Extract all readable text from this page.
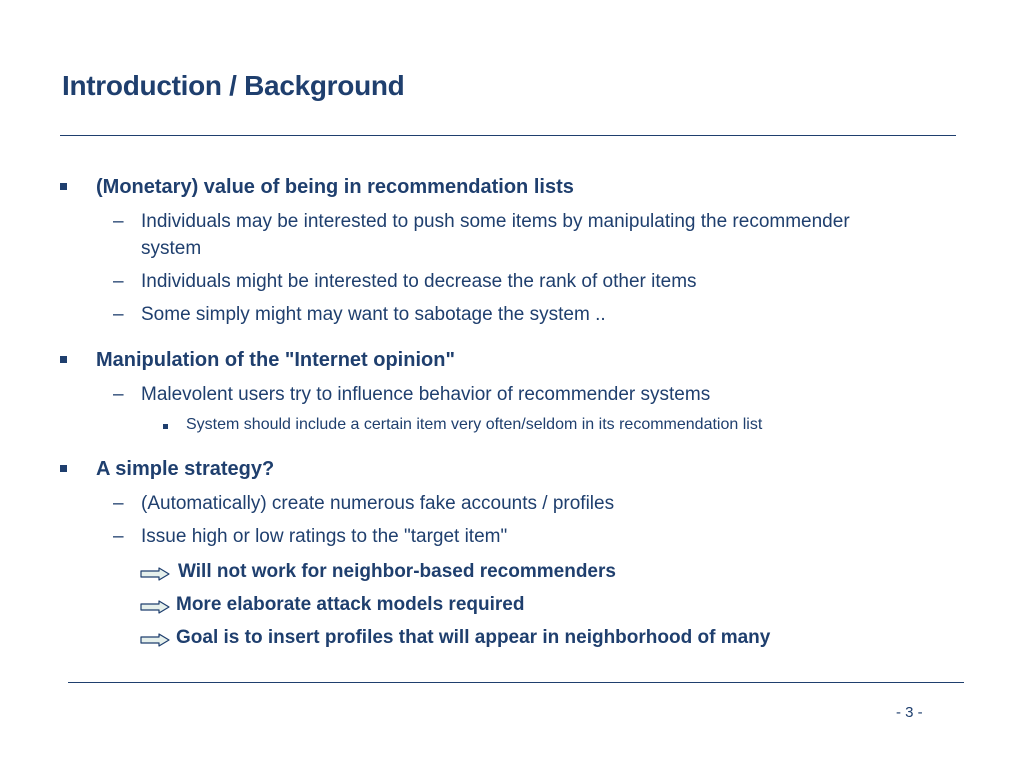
Introduction / Background
(Monetary) value of being in recommendation lists
– Individuals may be interested to push some items by manipulating the recommender
system
– Individuals might be interested to decrease the rank of other items
– Some simply might may want to sabotage the system ..
Manipulation of the "Internet opinion"
– Malevolent users try to influence behavior of recommender systems
System should include a certain item very often/seldom in its recommendation list
A simple strategy?
– (Automatically) create numerous fake accounts / profiles
– Issue high or low ratings to the "target item"
Will not work for neighbor-based recommenders
More elaborate attack models required
Goal is to insert profiles that will appear in neighborhood of many
- 3 -
